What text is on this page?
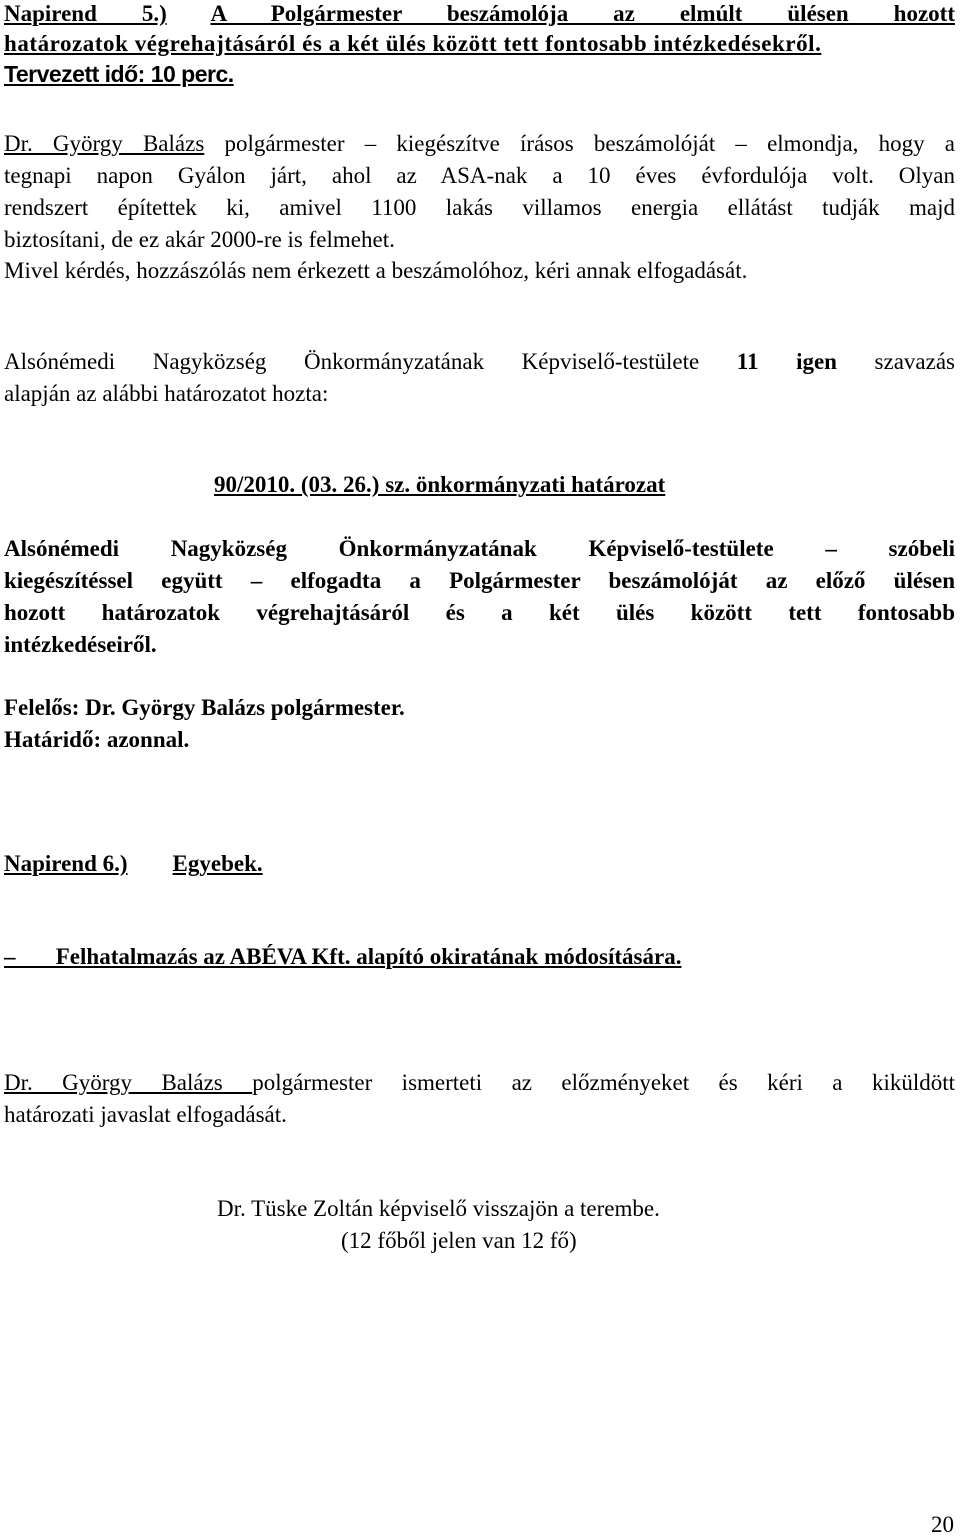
Napirend 5.) A Polgármester beszámolója az elmúlt ülésen hozott
határozatok végrehajtásáról és a két ülés között tett fontosabb intézkedésekről.
Tervezett idő: 10 perc.
Dr. György Balázs polgármester – kiegészítve írásos beszámolóját – elmondja, hogy a
tegnapi napon Gyálon járt, ahol az ASA-nak a 10 éves évfordulója volt. Olyan
rendszert építettek ki, amivel 1100 lakás villamos energia ellátást tudják majd
biztosítani, de ez akár 2000-re is felmehet.
Mivel kérdés, hozzászólás nem érkezett a beszámolóhoz, kéri annak elfogadását.
Alsónémedi Nagyközség Önkormányzatának Képviselő-testülete 11 igen szavazás
alapján az alábbi határozatot hozta:
90/2010. (03. 26.) sz. önkormányzati határozat
Alsónémedi Nagyközség Önkormányzatának Képviselő-testülete – szóbeli
kiegészítéssel együtt – elfogadta a Polgármester beszámolóját az előző ülésen
hozott határozatok végrehajtásáról és a két ülés között tett fontosabb
intézkedéseiről.
Felelős: Dr. György Balázs polgármester.
Határidő: azonnal.
Napirend 6.) Egyebek.
–       Felhatalmazás az ABÉVA Kft. alapító okiratának módosítására.
Dr. György Balázs polgármester ismerteti az előzményeket és kéri a kiküldött
határozati javaslat elfogadását.
Dr. Tüske Zoltán képviselő visszajön a terembe.
(12 főből jelen van 12 fő)
20
